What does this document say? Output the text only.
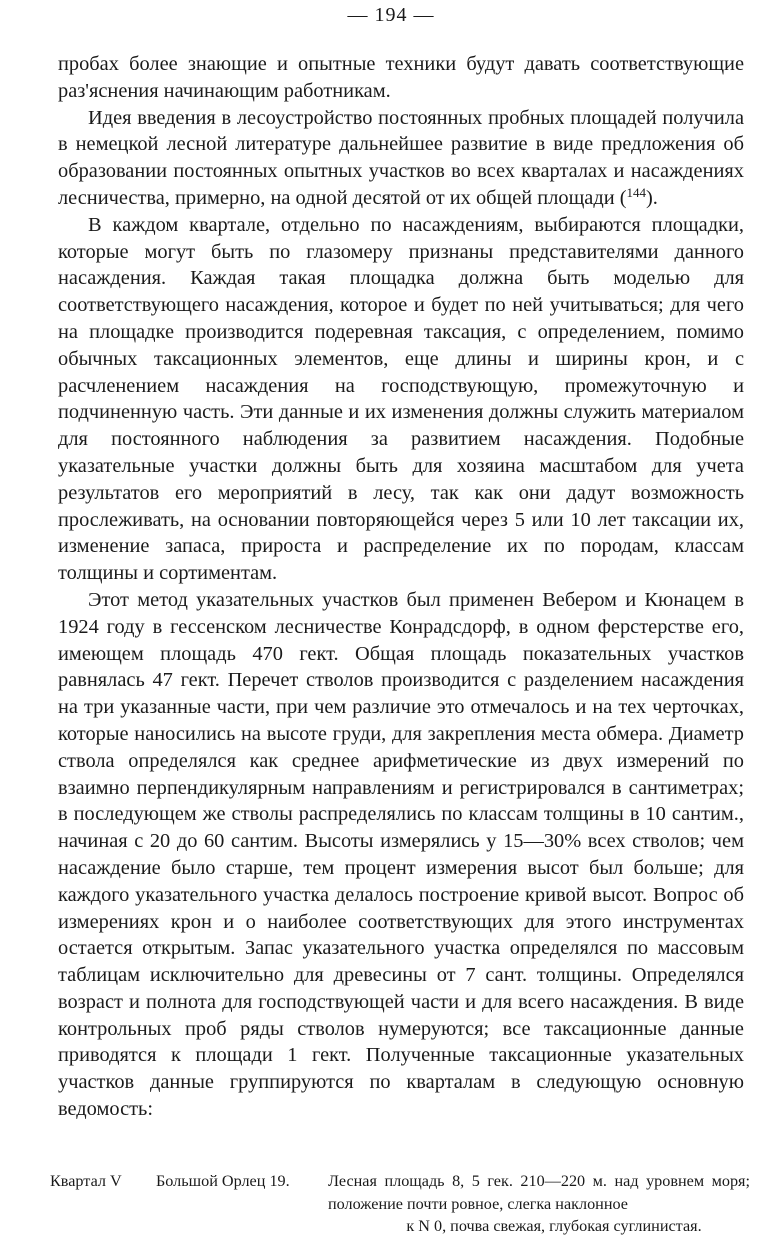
— 194 —

пробах более знающие и опытные техники будут давать соответствующие раз'яснения начинающим работникам.

Идея введения в лесоустройство постоянных пробных площадей получила в немецкой лесной литературе дальнейшее развитие в виде предложения об образовании постоянных опытных участков во всех кварталах и насаждениях лесничества, примерно, на одной десятой от их общей площади ($^{144}$).

В каждом квартале, отдельно по насаждениям, выбираются площадки, которые могут быть по глазомеру признаны представителями данного насаждения. Каждая такая площадка должна быть моделью для соответствующего насаждения, которое и будет по ней учитываться; для чего на площадке производится подеревная таксация, с определением, помимо обычных таксационных элементов, еще длины и ширины крон, и с расчленением насаждения на господствующую, промежуточную и подчиненную часть. Эти данные и их изменения должны служить материалом для постоянного наблюдения за развитием насаждения. Подобные указательные участки должны быть для хозяина масштабом для учета результатов его мероприятий в лесу, так как они дадут возможность прослеживать, на основании повторяющейся через 5 или 10 лет таксации их, изменение запаса, прироста и распределение их по породам, классам толщины и сортиментам.

Этот метод указательных участков был применен Вебером и Кюнацем в 1924 году в гессенском лесничестве Конрадсдорф, в одном ферстерстве его, имеющем площадь 470 гект. Общая площадь показательных участков равнялась 47 гект. Перечет стволов производится с разделением насаждения на три указанные части, при чем различие это отмечалось и на тех черточках, которые наносились на высоте груди, для закрепления места обмера. Диаметр ствола определялся как среднее арифметические из двух измерений по взаимно перпендикулярным направлениям и регистрировался в сантиметрах; в последующем же стволы распределялись по классам толщины в 10 сантим., начиная с 20 до 60 сантим. Высоты измерялись у 15—30% всех стволов; чем насаждение было старше, тем процент измерения высот был больше; для каждого указательного участка делалось построение кривой высот. Вопрос об измерениях крон и о наиболее соответствующих для этого инструментах остается открытым. Запас указательного участка определялся по массовым таблицам исключительно для древесины от 7 сант. толщины. Определялся возраст и полнота для господствующей части и для всего насаждения. В виде контрольных проб ряды стволов нумеруются; все таксационные данные приводятся к площади 1 гект. Полученные таксационные указательных участков данные группируются по кварталам в следующую основную ведомость:

Квартал V	Большой Орлец 19.	Лесная площадь 8, 5 гек. 210—220 м. над уровнем моря; положение почти ровное, слегка наклонное
к N 0, почва свежая, глубокая суглинистая.
